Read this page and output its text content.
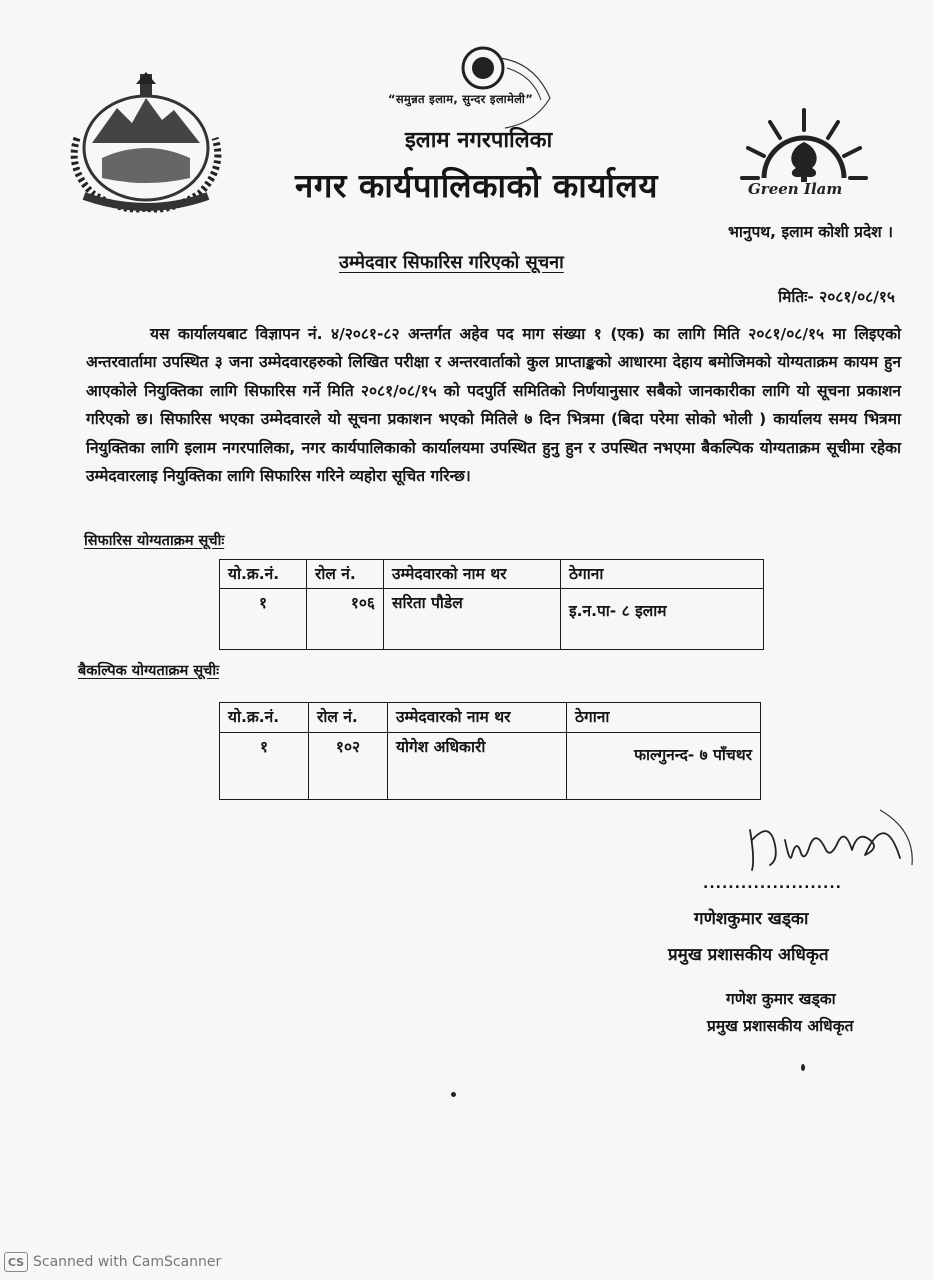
“समुन्नत इलाम, सुन्दर इलामेली”
इलाम नगरपालिका
नगर कार्यपालिकाको कार्यालय	Green Ilam
भानुपथ, इलाम कोशी प्रदेश ।
उम्मेदवार सिफारिस गरिएको सूचना
मितिः- २०८१/०८/१५

यस कार्यालयबाट विज्ञापन नं. ४/२०८१-८२ अन्तर्गत अहेव पद माग संख्या १ (एक) का लागि मिति २०८१/०८/१५ मा लिइएको अन्तरवार्तामा उपस्थित ३ जना उम्मेदवारहरुको लिखित परीक्षा र अन्तरवार्ताको कुल प्राप्ताङ्कको आधारमा देहाय बमोजिमको योग्यताक्रम कायम हुन आएकोले नियुक्तिका लागि सिफारिस गर्ने मिति २०८१/०८/१५ को पदपुर्ति समितिको निर्णयानुसार सबैको जानकारीका लागि यो सूचना प्रकाशन गरिएको छ। सिफारिस भएका उम्मेदवारले यो सूचना प्रकाशन भएको मितिले ७ दिन भित्रमा (बिदा परेमा सोको भोली ) कार्यालय समय भित्रमा नियुक्तिका लागि इलाम नगरपालिका, नगर कार्यपालिकाको कार्यालयमा उपस्थित हुनु हुन र उपस्थित नभएमा बैकल्पिक योग्यताक्रम सूचीमा रहेका उम्मेदवारलाइ नियुक्तिका लागि सिफारिस गरिने व्यहोरा सूचित गरिन्छ।

सिफारिस योग्यताक्रम सूचीः
यो.क्र.नं.	रोल नं.	उम्मेदवारको नाम थर	ठेगाना
१	१०६	सरिता पौडेल	इ.न.पा- ८ इलाम
बैकल्पिक योग्यताक्रम सूचीः
यो.क्र.नं.	रोल नं.	उम्मेदवारको नाम थर	ठेगाना
१	१०२	योगेश अधिकारी	फाल्गुनन्द- ७ पाँचथर
......................
गणेशकुमार खड्का
प्रमुख प्रशासकीय अधिकृत
गणेश कुमार खड्का
प्रमुख प्रशासकीय अधिकृत
CS Scanned with CamScanner
